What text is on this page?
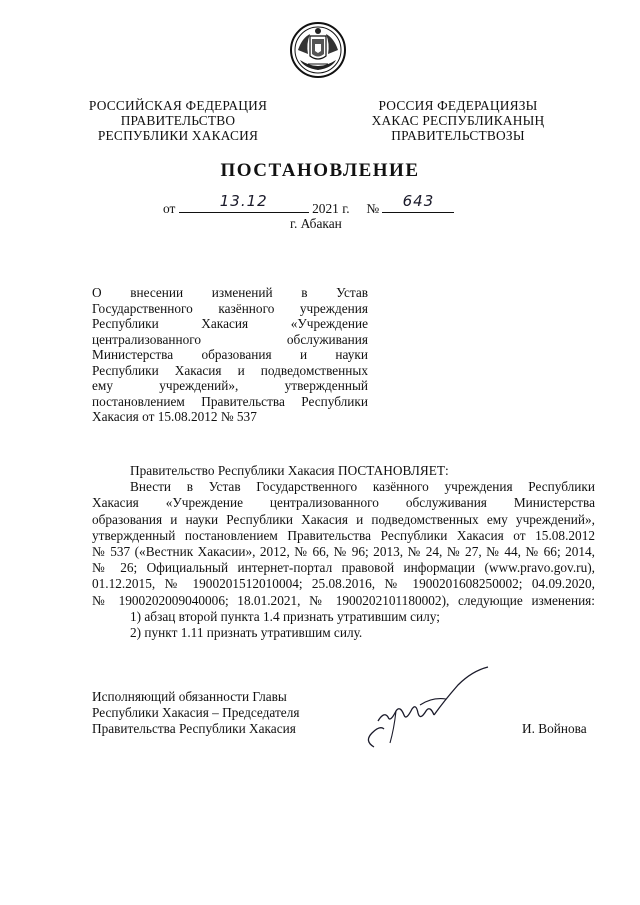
РОССИЙСКАЯ ФЕДЕРАЦИЯ
ПРАВИТЕЛЬСТВО
РЕСПУБЛИКИ ХАКАСИЯ
РОССИЯ ФЕДЕРАЦИЯЗЫ
ХАКАС РЕСПУБЛИКАНЫҢ
ПРАВИТЕЛЬСТВОЗЫ
ПОСТАНОВЛЕНИЕ
от	13.12	2021 г. №	643
г. Абакан
О внесении изменений в Устав
Государственного казённого учреждения
Республики Хакасия «Учреждение
централизованного обслуживания
Министерства образования и науки
Республики Хакасия и подведомственных
ему учреждений», утвержденный
постановлением Правительства Республики
Хакасия от 15.08.2012 № 537
Правительство Республики Хакасия ПОСТАНОВЛЯЕТ:
Внести в Устав Государственного казённого учреждения Республики
Хакасия «Учреждение централизованного обслуживания Министерства
образования и науки Республики Хакасия и подведомственных ему учреждений»,
утвержденный постановлением Правительства Республики Хакасия от 15.08.2012
№ 537 («Вестник Хакасии», 2012, № 66, № 96; 2013, № 24, № 27, № 44, № 66; 2014,
№ 26; Официальный интернет-портал правовой информации (www.pravo.gov.ru),
01.12.2015, № 1900201512010004; 25.08.2016, № 1900201608250002; 04.09.2020,
№ 1900202009040006; 18.01.2021, № 1900202101180002), следующие изменения:
1) абзац второй пункта 1.4 признать утратившим силу;
2) пункт 1.11 признать утратившим силу.
Исполняющий обязанности Главы
Республики Хакасия – Председателя
Правительства Республики Хакасия	И. Войнова
